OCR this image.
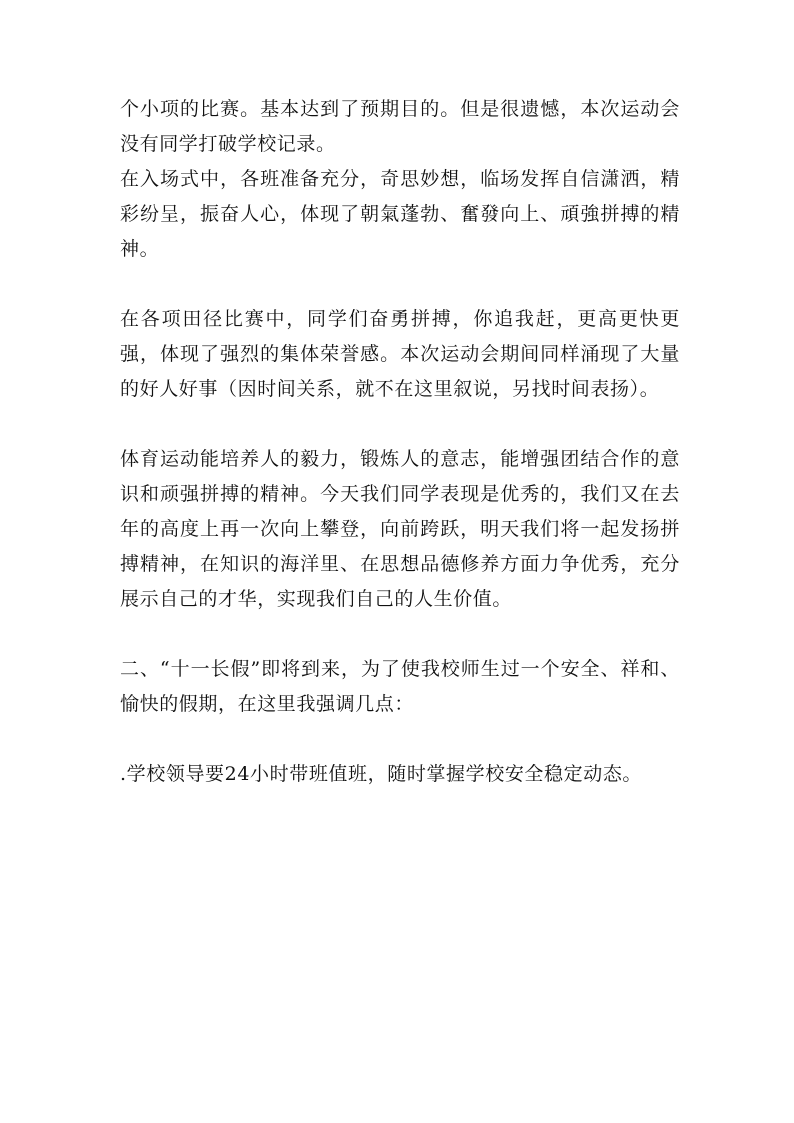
个小项的比赛。基本达到了预期目的。但是很遗憾，本次运动会没有同学打破学校记录。

在入场式中，各班准备充分，奇思妙想，临场发挥自信潇洒，精彩纷呈，振奋人心，体现了朝氣蓬勃、奮發向上、頑強拼搏的精神。

在各项田径比赛中，同学们奋勇拼搏，你追我赶，更高更快更强，体现了强烈的集体荣誉感。本次运动会期间同样涌现了大量的好人好事（因时间关系，就不在这里叙说，另找时间表扬）。

体育运动能培养人的毅力，锻炼人的意志，能增强团结合作的意识和顽强拼搏的精神。今天我们同学表现是优秀的，我们又在去年的高度上再一次向上攀登，向前跨跃，明天我们将一起发扬拼搏精神，在知识的海洋里、在思想品德修养方面力争优秀，充分展示自己的才华，实现我们自己的人生价值。

二、“十一长假”即将到来，为了使我校师生过一个安全、祥和、愉快的假期，在这里我强调几点：

.学校领导要24小时带班值班，随时掌握学校安全稳定动态。
